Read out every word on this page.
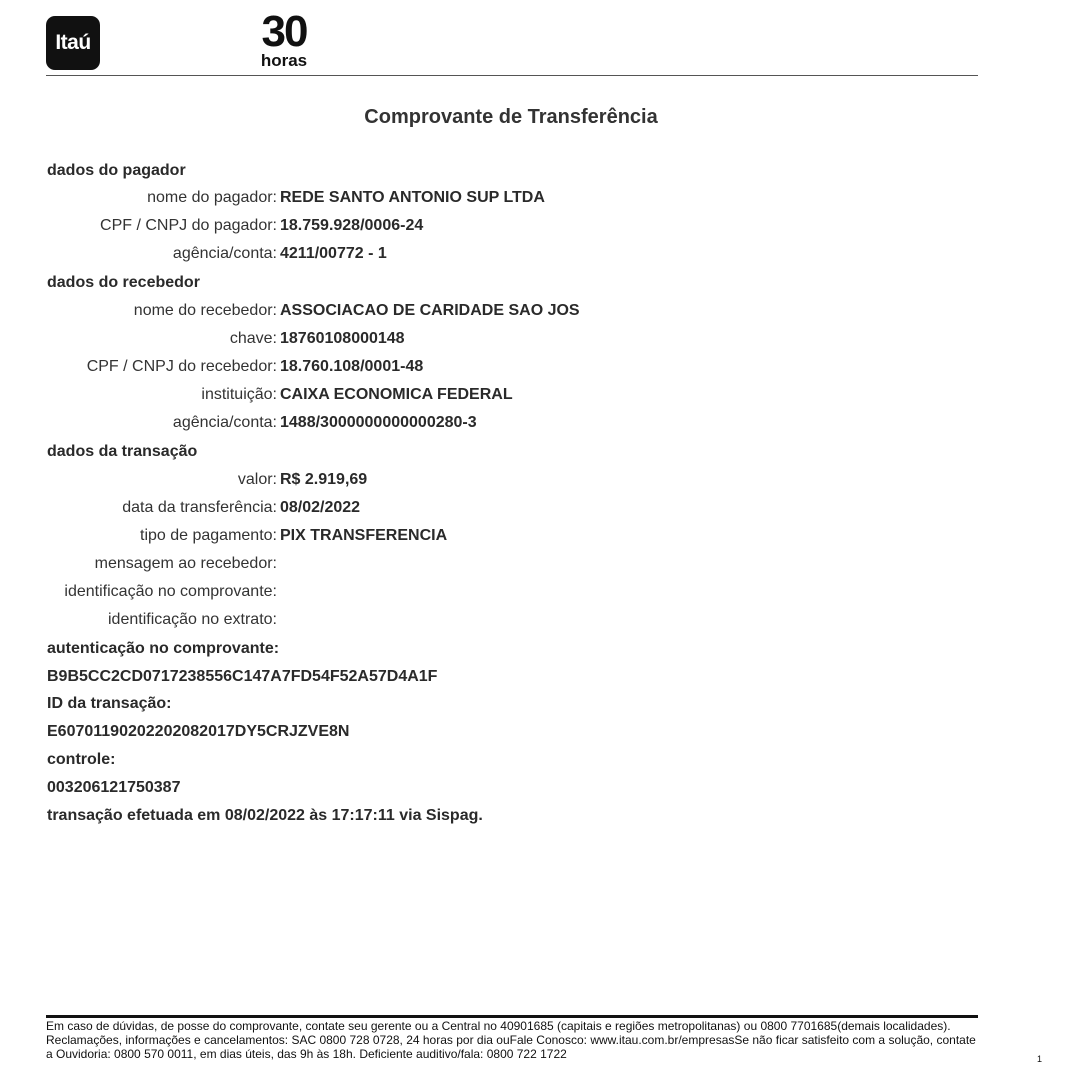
Itaú	30
horas
Comprovante de Transferência
dados do pagador
nome do pagador: REDE SANTO ANTONIO SUP LTDA
CPF / CNPJ do pagador: 18.759.928/0006-24
agência/conta: 4211/00772 - 1
dados do recebedor
nome do recebedor: ASSOCIACAO DE CARIDADE SAO JOS
chave: 18760108000148
CPF / CNPJ do recebedor: 18.760.108/0001-48
instituição: CAIXA ECONOMICA FEDERAL
agência/conta: 1488/3000000000000280-3
dados da transação
valor: R$ 2.919,69
data da transferência: 08/02/2022
tipo de pagamento: PIX TRANSFERENCIA
mensagem ao recebedor:
identificação no comprovante:
identificação no extrato:
autenticação no comprovante:
B9B5CC2CD0717238556C147A7FD54F52A57D4A1F
ID da transação:
E60701190202202082017DY5CRJZVE8N
controle:
003206121750387
transação efetuada em 08/02/2022 às 17:17:11 via Sispag.
Em caso de dúvidas, de posse do comprovante, contate seu gerente ou a Central no 40901685 (capitais e regiões metropolitanas) ou 0800 7701685(demais localidades). Reclamações, informações e cancelamentos: SAC 0800 728 0728, 24 horas por dia ouFale Conosco: www.itau.com.br/empresasSe não ficar satisfeito com a solução, contate a Ouvidoria: 0800 570 0011, em dias úteis, das 9h às 18h. Deficiente auditivo/fala: 0800 722 1722	1
